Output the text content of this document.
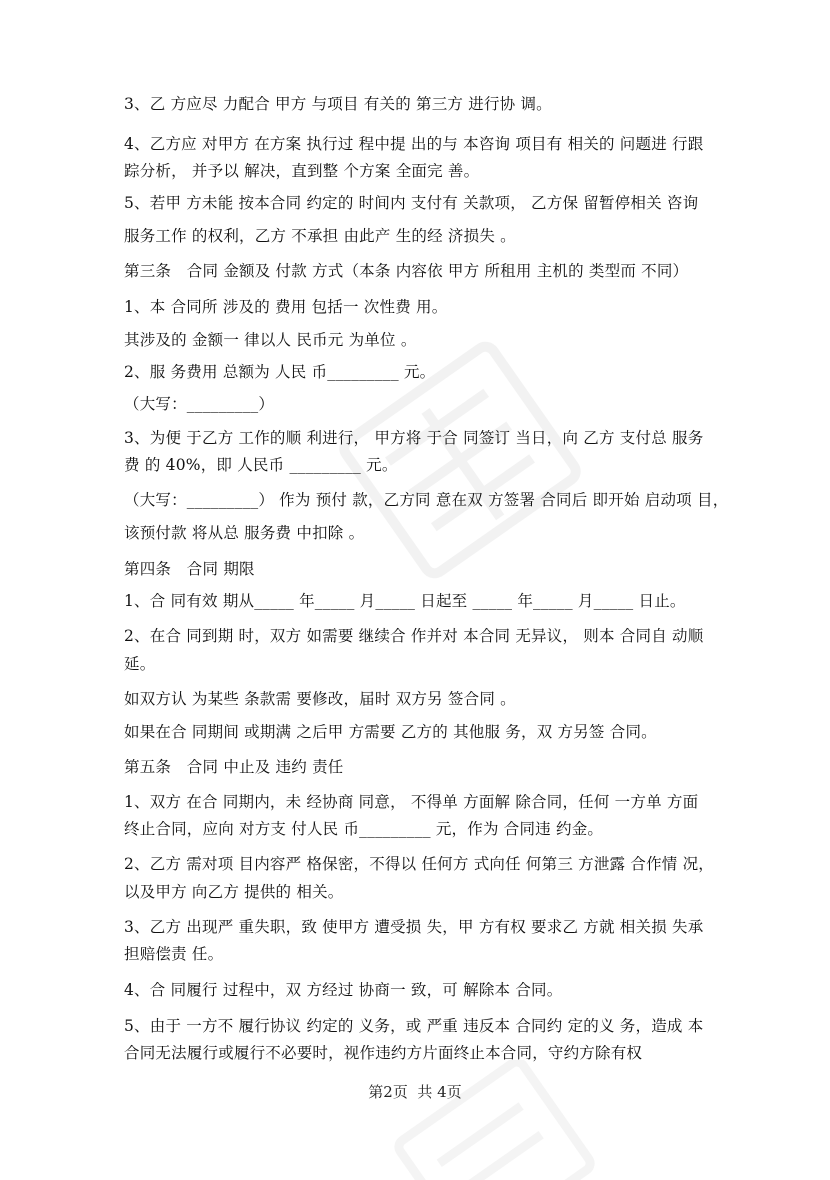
3、乙 方应尽 力配合 甲方 与项目 有关的 第三方 进行协 调。
4、乙方应 对甲方 在方案 执行过 程中提 出的与 本咨询 项目有 相关的 问题进 行跟
踪分析， 并予以 解决，直到整 个方案 全面完 善。
5、若甲 方未能 按本合同 约定的 时间内 支付有 关款项， 乙方保 留暂停相关 咨询
服务工作 的权利，乙方 不承担 由此产 生的经 济损失 。
第三条　合同 金额及 付款 方式（本条 内容依 甲方 所租用 主机的 类型而 不同）
1、本 合同所 涉及的 费用 包括一 次性费 用。
其涉及的 金额一 律以人 民币元 为单位 。
2、服 务费用 总额为 人民 币_________ 元。
（大写：_________）
3、为便 于乙方 工作的顺 利进行， 甲方将 于合 同签订 当日，向 乙方 支付总 服务
费 的 40%，即 人民币 _________ 元。
（大写：_________） 作为 预付 款，乙方同 意在双 方签署 合同后 即开始 启动项 目，
该预付款 将从总 服务费 中扣除 。
第四条　合同 期限
1、合 同有效 期从_____ 年_____ 月_____ 日起至 _____ 年_____ 月_____ 日止。
2、在合 同到期 时，双方 如需要 继续合 作并对 本合同 无异议， 则本 合同自 动顺
延。
如双方认 为某些 条款需 要修改，届时 双方另 签合同 。
如果在合 同期间 或期满 之后甲 方需要 乙方的 其他服 务，双 方另签 合同。
第五条　合同 中止及 违约 责任
1、双方 在合 同期内，未 经协商 同意， 不得单 方面解 除合同，任何 一方单 方面
终止合同，应向 对方支 付人民 币_________ 元，作为 合同违 约金。
2、乙方 需对项 目内容严 格保密，不得以 任何方 式向任 何第三 方泄露 合作情 况，
以及甲方 向乙方 提供的 相关。
3、乙方 出现严 重失职，致 使甲方 遭受损 失，甲 方有权 要求乙 方就 相关损 失承
担赔偿责 任。
4、合 同履行 过程中，双 方经过 协商一 致，可 解除本 合同。
5、由于 一方不 履行协议 约定的 义务，或 严重 违反本 合同约 定的义 务，造成 本
合同无法履行或履行不必要时，视作违约方片面终止本合同，守约方除有权
第2页  共 4页
